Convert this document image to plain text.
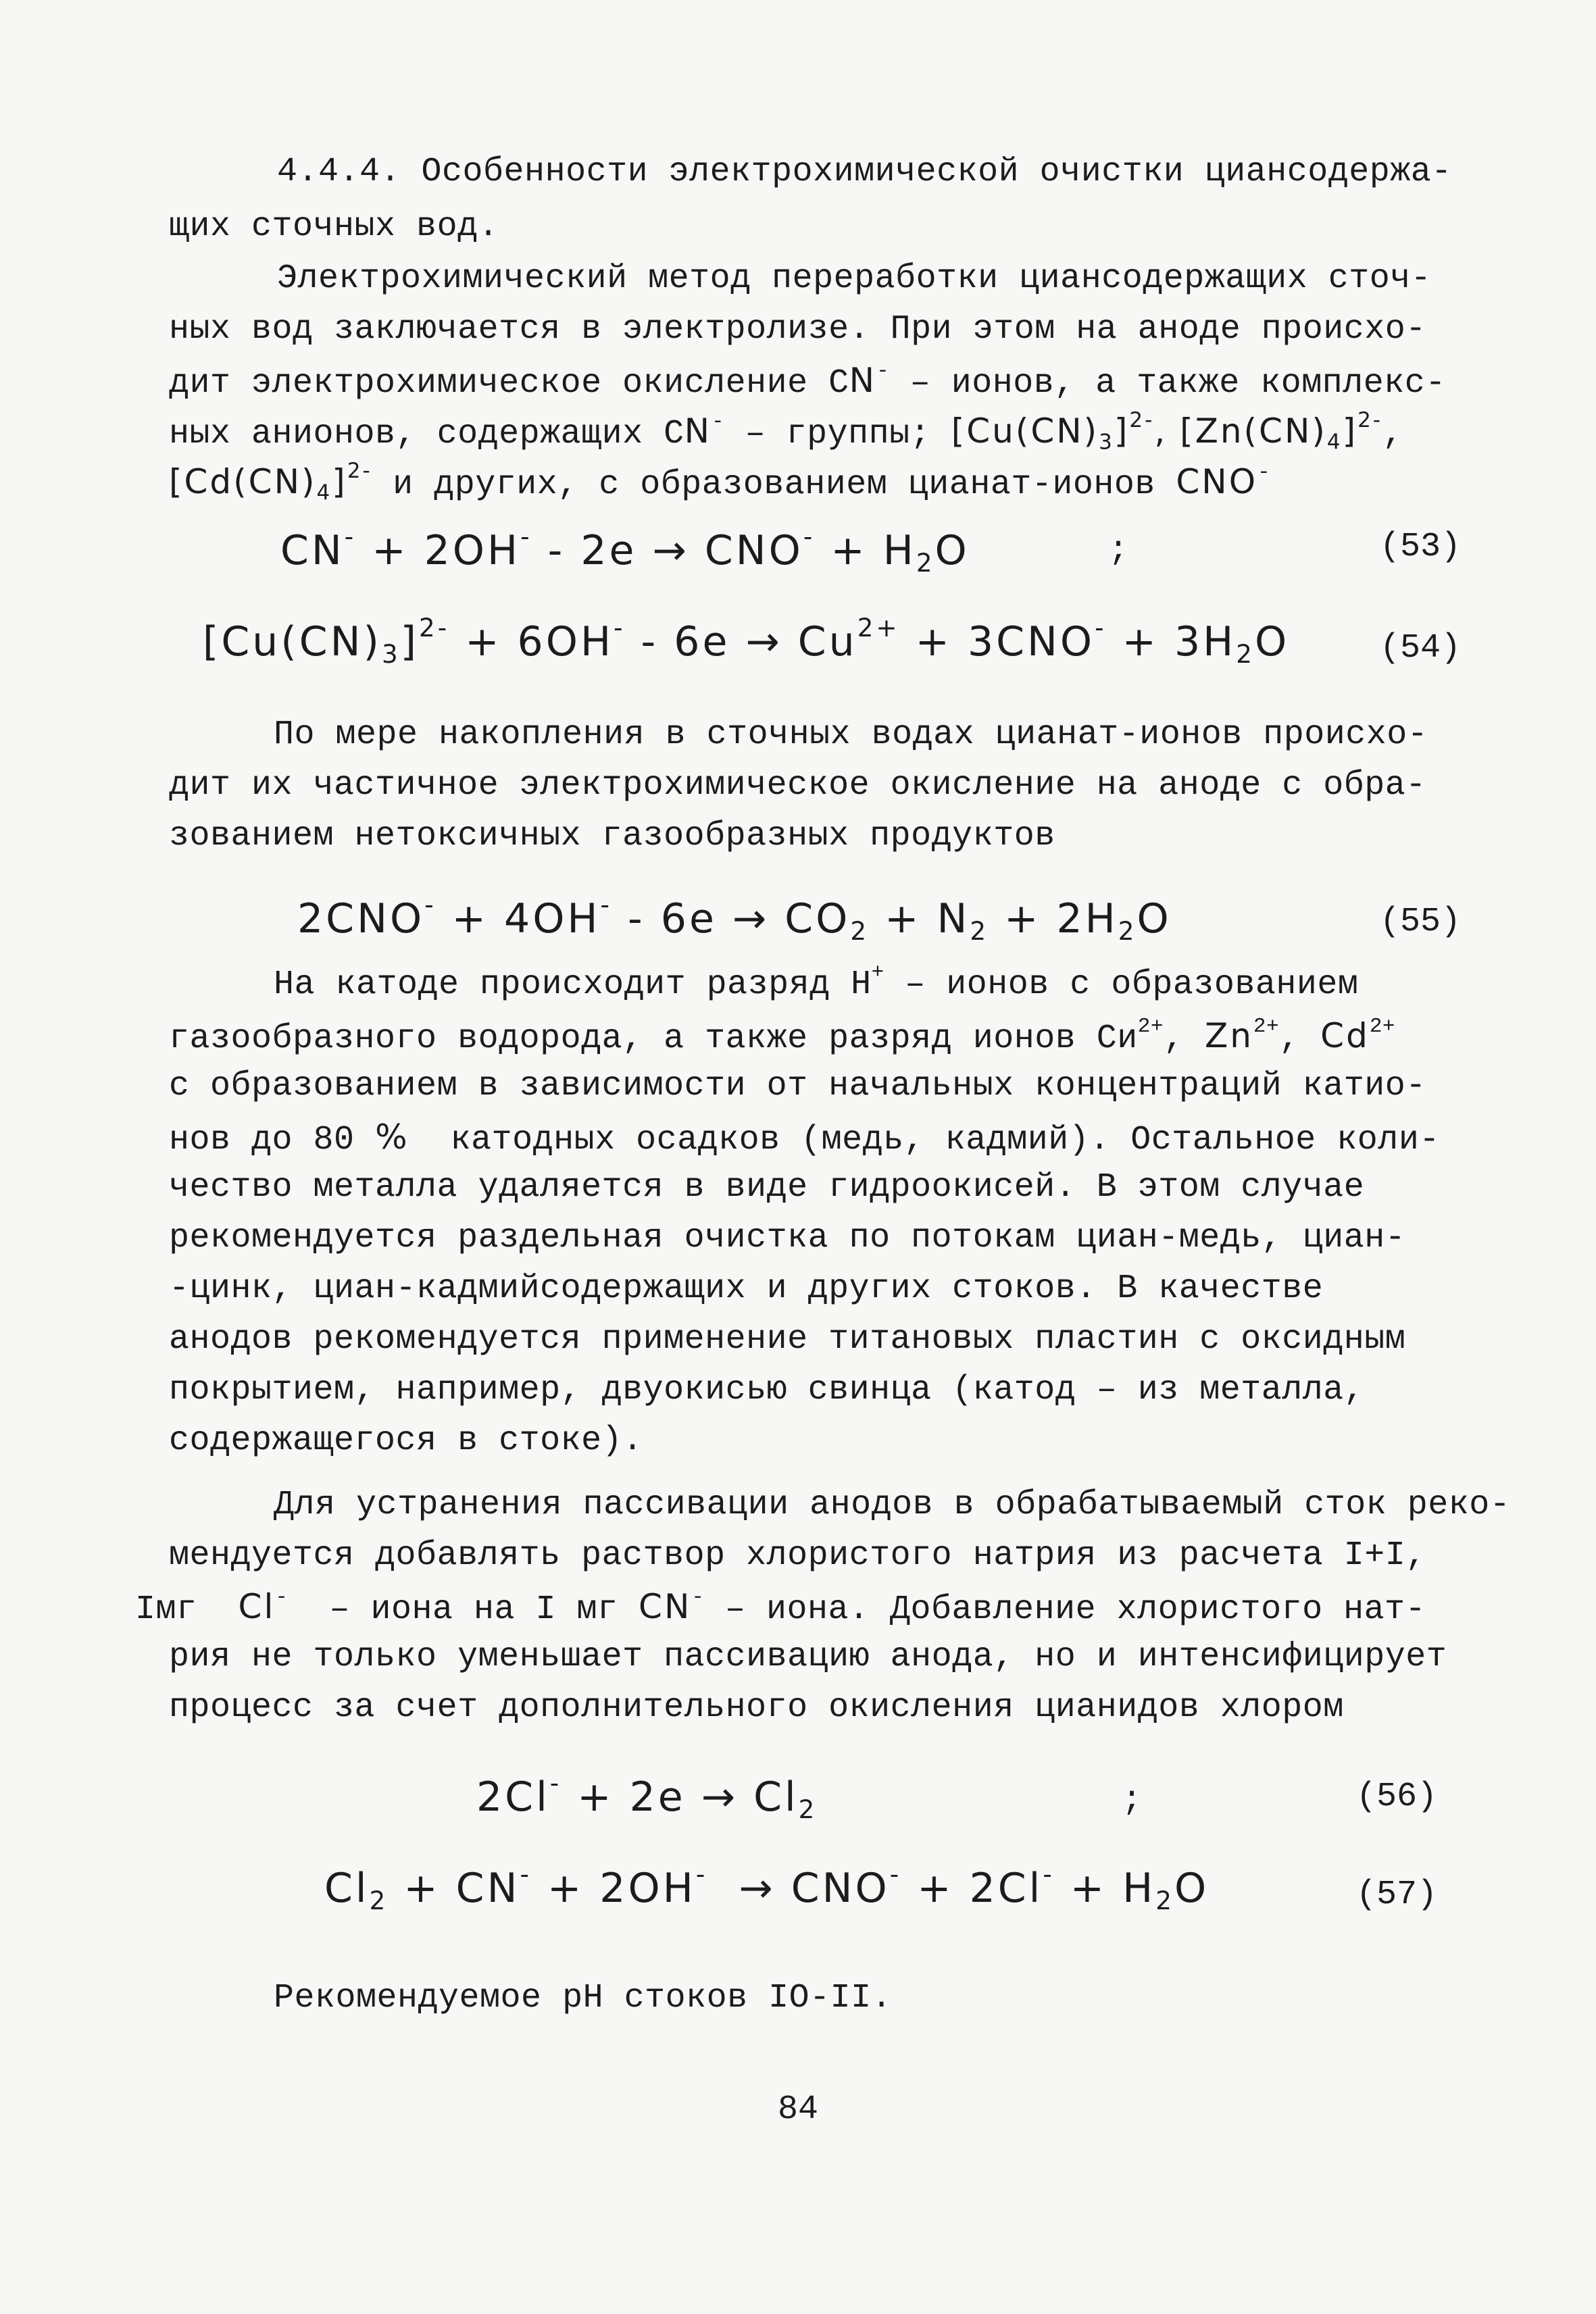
4.4.4. Особенности электрохимической очистки циансодержа-
щих сточных вод.
Электрохимический метод переработки циансодержащих сточ-
ных вод заключается в электролизе. При этом на аноде происхо-
дит электрохимическое окисление СN- – ионов, а также комплекс-
ных анионов, содержащих СN- – группы; $[Cu(CN)_3]^{2-}$, $[Zn(CN)_4]^{2-}$,
$[Cd(CN)_4]^{2-}$ и других, с образованием цианат-ионов CNO-
$CN^- + 2OH^- - 2e \to CNO^- + H_2O$	;	(53)
$[Cu(CN)_3]^{2-} + 6OH^- - 6e \to Cu^{2+} + 3CNO^- + 3H_2O$	(54)
По мере накопления в сточных водах цианат-ионов происхо-
дит их частичное электрохимическое окисление на аноде с обра-
зованием нетоксичных газообразных продуктов
$2CNO^- + 4OH^- - 6e \to CO_2 + N_2 + 2H_2O$	(55)
На катоде происходит разряд Н+ – ионов с образованием
газообразного водорода, а также разряд ионов $Си^{2+}$, $Zn^{2+}$, $Cd^{2+}$
с образованием в зависимости от начальных концентраций катио-
нов до 80 %  катодных осадков (медь, кадмий). Остальное коли-
чество металла удаляется в виде гидроокисей. В этом случае
рекомендуется раздельная очистка по потокам циан-медь, циан-
-цинк, циан-кадмийсодержащих и других стоков. В качестве
анодов рекомендуется применение титановых пластин с оксидным
покрытием, например, двуокисью свинца (катод – из металла,
содержащегося в стоке).
Для устранения пассивации анодов в обрабатываемый сток реко-
мендуется добавлять раствор хлористого натрия из расчета I+I,
Iмг  Cl-  – иона на I мг CN- – иона. Добавление хлористого нат-
рия не только уменьшает пассивацию анода, но и интенсифицирует
процесс за счет дополнительного окисления цианидов хлором
$2Cl^- + 2e \to Cl_2$	;	(56)
$Cl_2 + CN^- + 2OH^- \to CNO^- + 2Cl^- + H_2O$	(57)
Рекомендуемое рН стоков IO-II.
84
